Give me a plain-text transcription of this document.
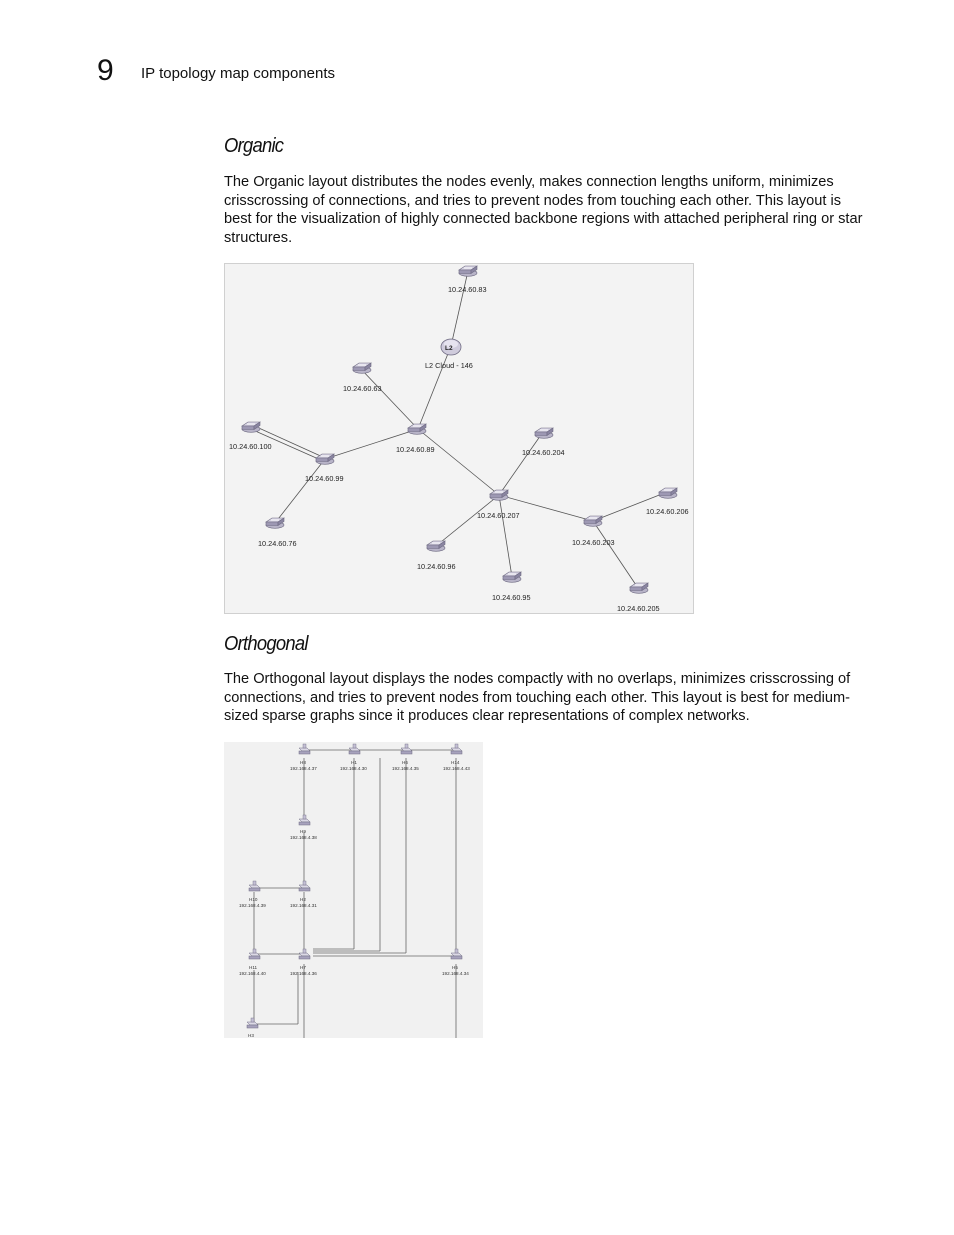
9 IP topology map components
Organic

The Organic layout distributes the nodes evenly, makes connection lengths uniform, minimizes crisscrossing of connections, and tries to prevent nodes from touching each other. This layout is best for the visualization of highly connected backbone regions with attached peripheral ring or star structures.

10.24.60.83
L2
L2 Cloud - 146
10.24.60.63
10.24.60.100	10.24.60.89	10.24.60.204
10.24.60.99
10.24.60.207	10.24.60.206
10.24.60.76	10.24.60.203
10.24.60.96
10.24.60.95
10.24.60.205
Orthogonal

The Orthogonal layout displays the nodes compactly with no overlaps, minimizes crisscrossing of connections, and tries to prevent nodes from touching each other. This layout is best for medium-sized sparse graphs since it produces clear representations of complex networks.

H8
192.168.4.37
H1
192.168.4.30
H6
192.168.4.35
H14
192.168.4.43
H9
192.168.4.38
H10
192.168.4.39
H2
192.168.4.31
H11
192.168.4.40
H7
192.168.4.36
H5
192.168.4.34
H3
